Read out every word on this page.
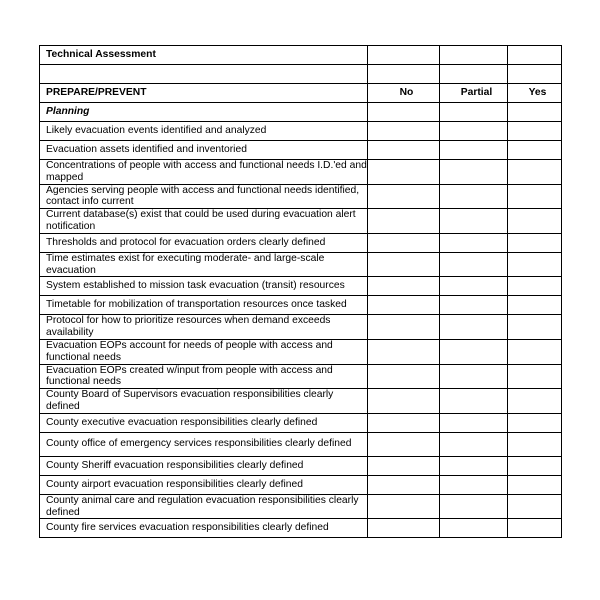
Technical Assessment			

PREPARE/PREVENT	No	Partial	Yes
Planning			
Likely evacuation events identified and analyzed			
Evacuation assets identified and inventoried			
Concentrations of people with access and functional needs I.D.'ed and mapped			
Agencies serving people with access and functional needs identified, contact info current			
Current database(s) exist that could be used during evacuation alert notification			
Thresholds and protocol for evacuation orders clearly defined			
Time estimates exist for executing moderate- and large-scale evacuation			
System established to mission task evacuation (transit) resources			
Timetable for mobilization of transportation resources once tasked			
Protocol for how to prioritize resources when demand exceeds availability			
Evacuation EOPs account for needs of people with access and functional needs			
Evacuation EOPs created w/input from people with access and functional needs			
County Board of Supervisors evacuation responsibilities clearly defined			
County executive evacuation responsibilities clearly defined			
County office of emergency services responsibilities clearly defined			
County Sheriff evacuation responsibilities clearly defined			
County airport evacuation responsibilities clearly defined			
County animal care and regulation evacuation responsibilities clearly defined			
County fire services evacuation responsibilities clearly defined			
